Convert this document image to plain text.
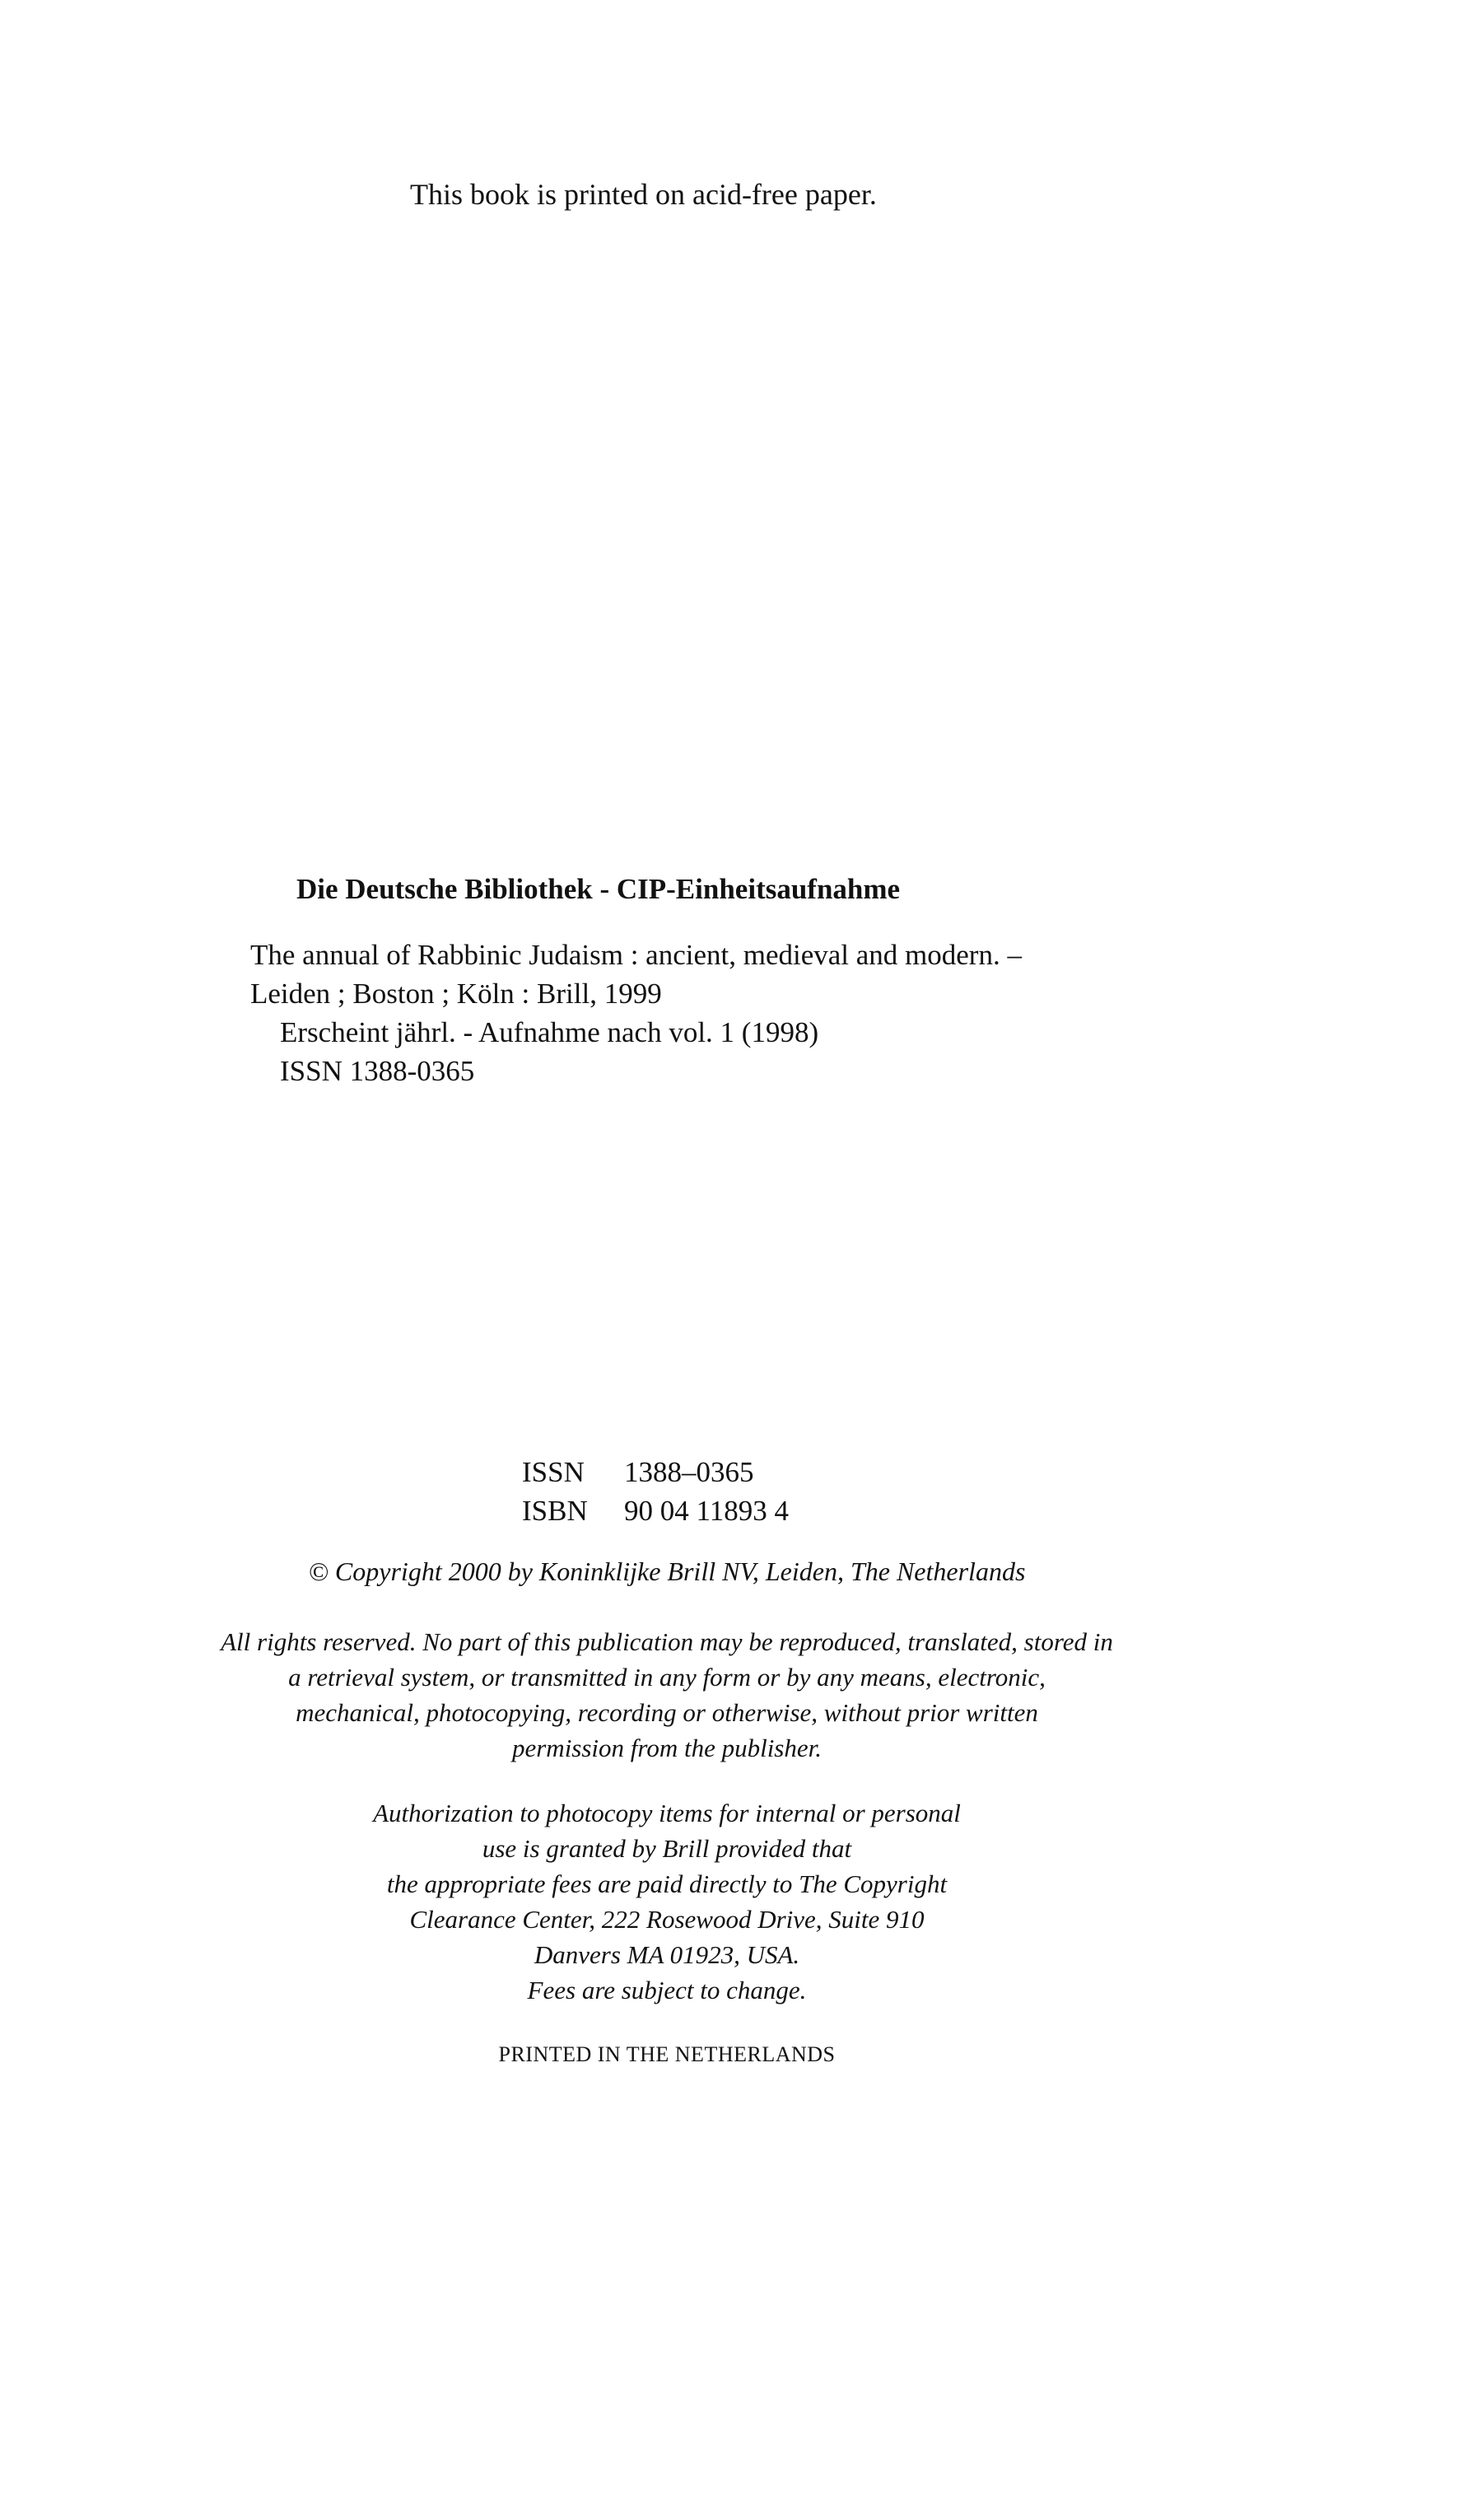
This book is printed on acid-free paper.

Die Deutsche Bibliothek - CIP-Einheitsaufnahme

The annual of Rabbinic Judaism : ancient, medieval and modern. –
Leiden ; Boston ; Köln : Brill, 1999
Erscheint jährl. - Aufnahme nach vol. 1 (1998)
ISSN 1388-0365
ISSN 1388–0365
ISBN 90 04 11893 4
© Copyright 2000 by Koninklijke Brill NV, Leiden, The Netherlands
All rights reserved. No part of this publication may be reproduced, translated, stored in
a retrieval system, or transmitted in any form or by any means, electronic,
mechanical, photocopying, recording or otherwise, without prior written
permission from the publisher.
Authorization to photocopy items for internal or personal
use is granted by Brill provided that
the appropriate fees are paid directly to The Copyright
Clearance Center, 222 Rosewood Drive, Suite 910
Danvers MA 01923, USA.
Fees are subject to change.
PRINTED IN THE NETHERLANDS
